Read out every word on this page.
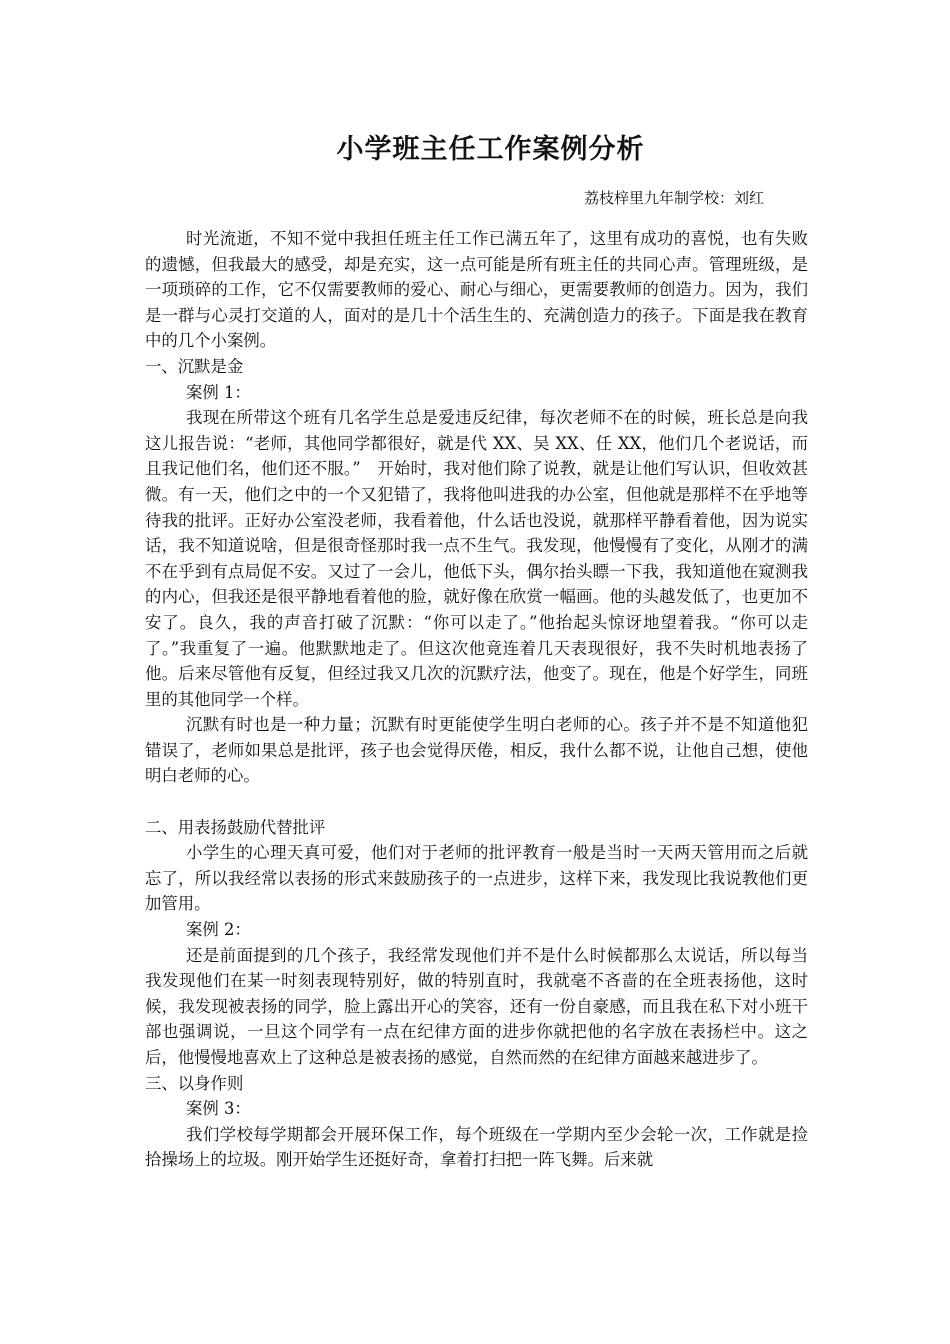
小学班主任工作案例分析

荔枝梓里九年制学校：刘红

时光流逝，不知不觉中我担任班主任工作已满五年了，这里有成功的喜悦，也有失败的遗憾，但我最大的感受，却是充实，这一点可能是所有班主任的共同心声。管理班级，是一项琐碎的工作，它不仅需要教师的爱心、耐心与细心，更需要教师的创造力。因为，我们是一群与心灵打交道的人，面对的是几十个活生生的、充满创造力的孩子。下面是我在教育中的几个小案例。

一、沉默是金

案例 1：

我现在所带这个班有几名学生总是爱违反纪律，每次老师不在的时候，班长总是向我这儿报告说：“老师，其他同学都很好，就是代 XX、吴 XX、任 XX，他们几个老说话，而且我记他们名，他们还不服。”　开始时，我对他们除了说教，就是让他们写认识，但收效甚微。有一天，他们之中的一个又犯错了，我将他叫进我的办公室，但他就是那样不在乎地等待我的批评。正好办公室没老师，我看着他，什么话也没说，就那样平静看着他，因为说实话，我不知道说啥，但是很奇怪那时我一点不生气。我发现，他慢慢有了变化，从刚才的满不在乎到有点局促不安。又过了一会儿，他低下头，偶尔抬头瞟一下我，我知道他在窥测我的内心，但我还是很平静地看着他的脸，就好像在欣赏一幅画。他的头越发低了，也更加不安了。良久，我的声音打破了沉默：“你可以走了。”他抬起头惊讶地望着我。“你可以走了。”我重复了一遍。他默默地走了。但这次他竟连着几天表现很好，我不失时机地表扬了他。后来尽管他有反复，但经过我又几次的沉默疗法，他变了。现在，他是个好学生，同班里的其他同学一个样。

沉默有时也是一种力量；沉默有时更能使学生明白老师的心。孩子并不是不知道他犯错误了，老师如果总是批评，孩子也会觉得厌倦，相反，我什么都不说，让他自己想，使他明白老师的心。

二、用表扬鼓励代替批评

小学生的心理天真可爱，他们对于老师的批评教育一般是当时一天两天管用而之后就忘了，所以我经常以表扬的形式来鼓励孩子的一点进步，这样下来，我发现比我说教他们更加管用。

案例 2：

还是前面提到的几个孩子，我经常发现他们并不是什么时候都那么太说话，所以每当我发现他们在某一时刻表现特别好，做的特别直时，我就毫不吝啬的在全班表扬他，这时候，我发现被表扬的同学，脸上露出开心的笑容，还有一份自豪感，而且我在私下对小班干部也强调说，一旦这个同学有一点在纪律方面的进步你就把他的名字放在表扬栏中。这之后，他慢慢地喜欢上了这种总是被表扬的感觉，自然而然的在纪律方面越来越进步了。

三、以身作则

案例 3：

我们学校每学期都会开展环保工作，每个班级在一学期内至少会轮一次，工作就是捡拾操场上的垃圾。刚开始学生还挺好奇，拿着打扫把一阵飞舞。后来就
